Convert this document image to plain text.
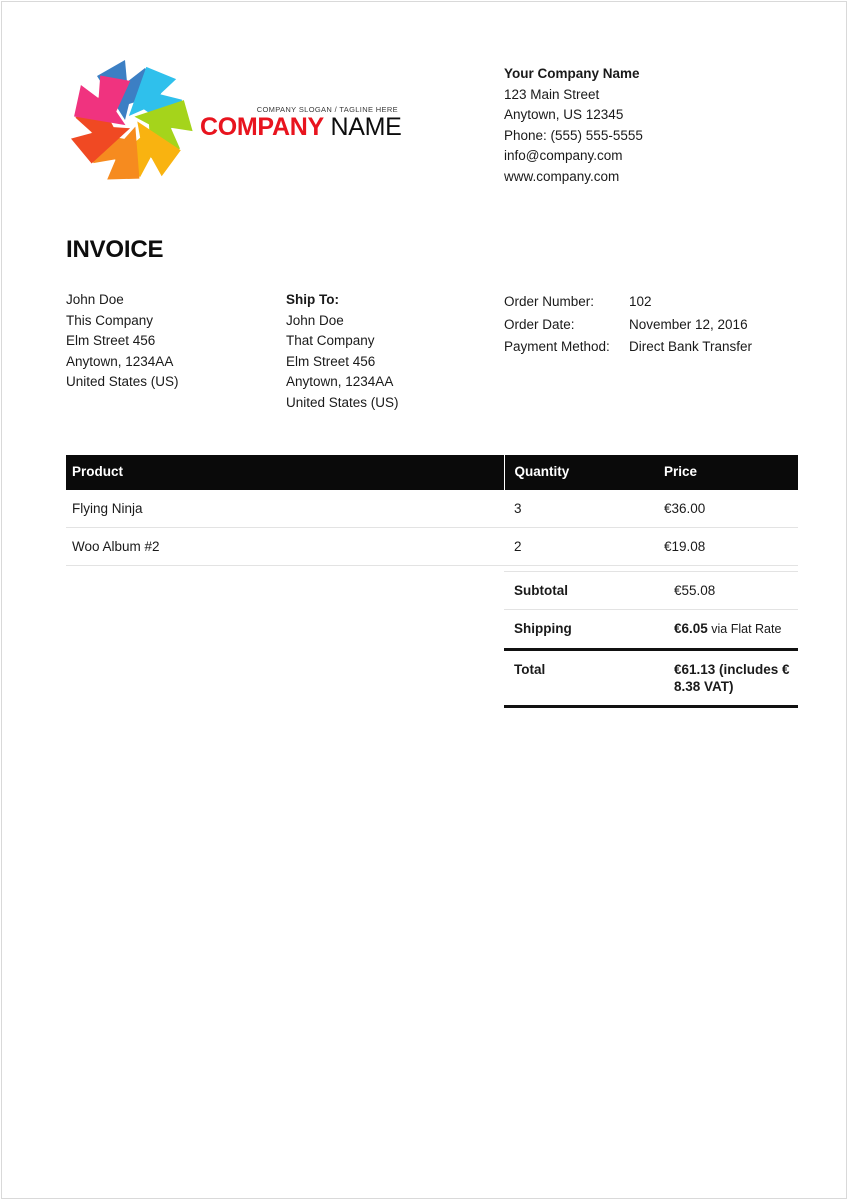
COMPANY SLOGAN / TAGLINE HERE

COMPANY NAME

Your Company Name
123 Main Street
Anytown, US 12345
Phone: (555) 555-5555
info@company.com
www.company.com
INVOICE
John Doe
This Company
Elm Street 456
Anytown, 1234AA
United States (US)
Ship To:
John Doe
That Company
Elm Street 456
Anytown, 1234AA
United States (US)
Order Number:	102
Order Date:	November 12, 2016
Payment Method: Direct Bank Transfer
Product	Quantity	Price
Flying Ninja	3	€36.00
Woo Album #2	2	€19.08
Subtotal	€55.08
Shipping	€6.05 via Flat Rate
Total	€61.13 (includes € 8.38 VAT)
